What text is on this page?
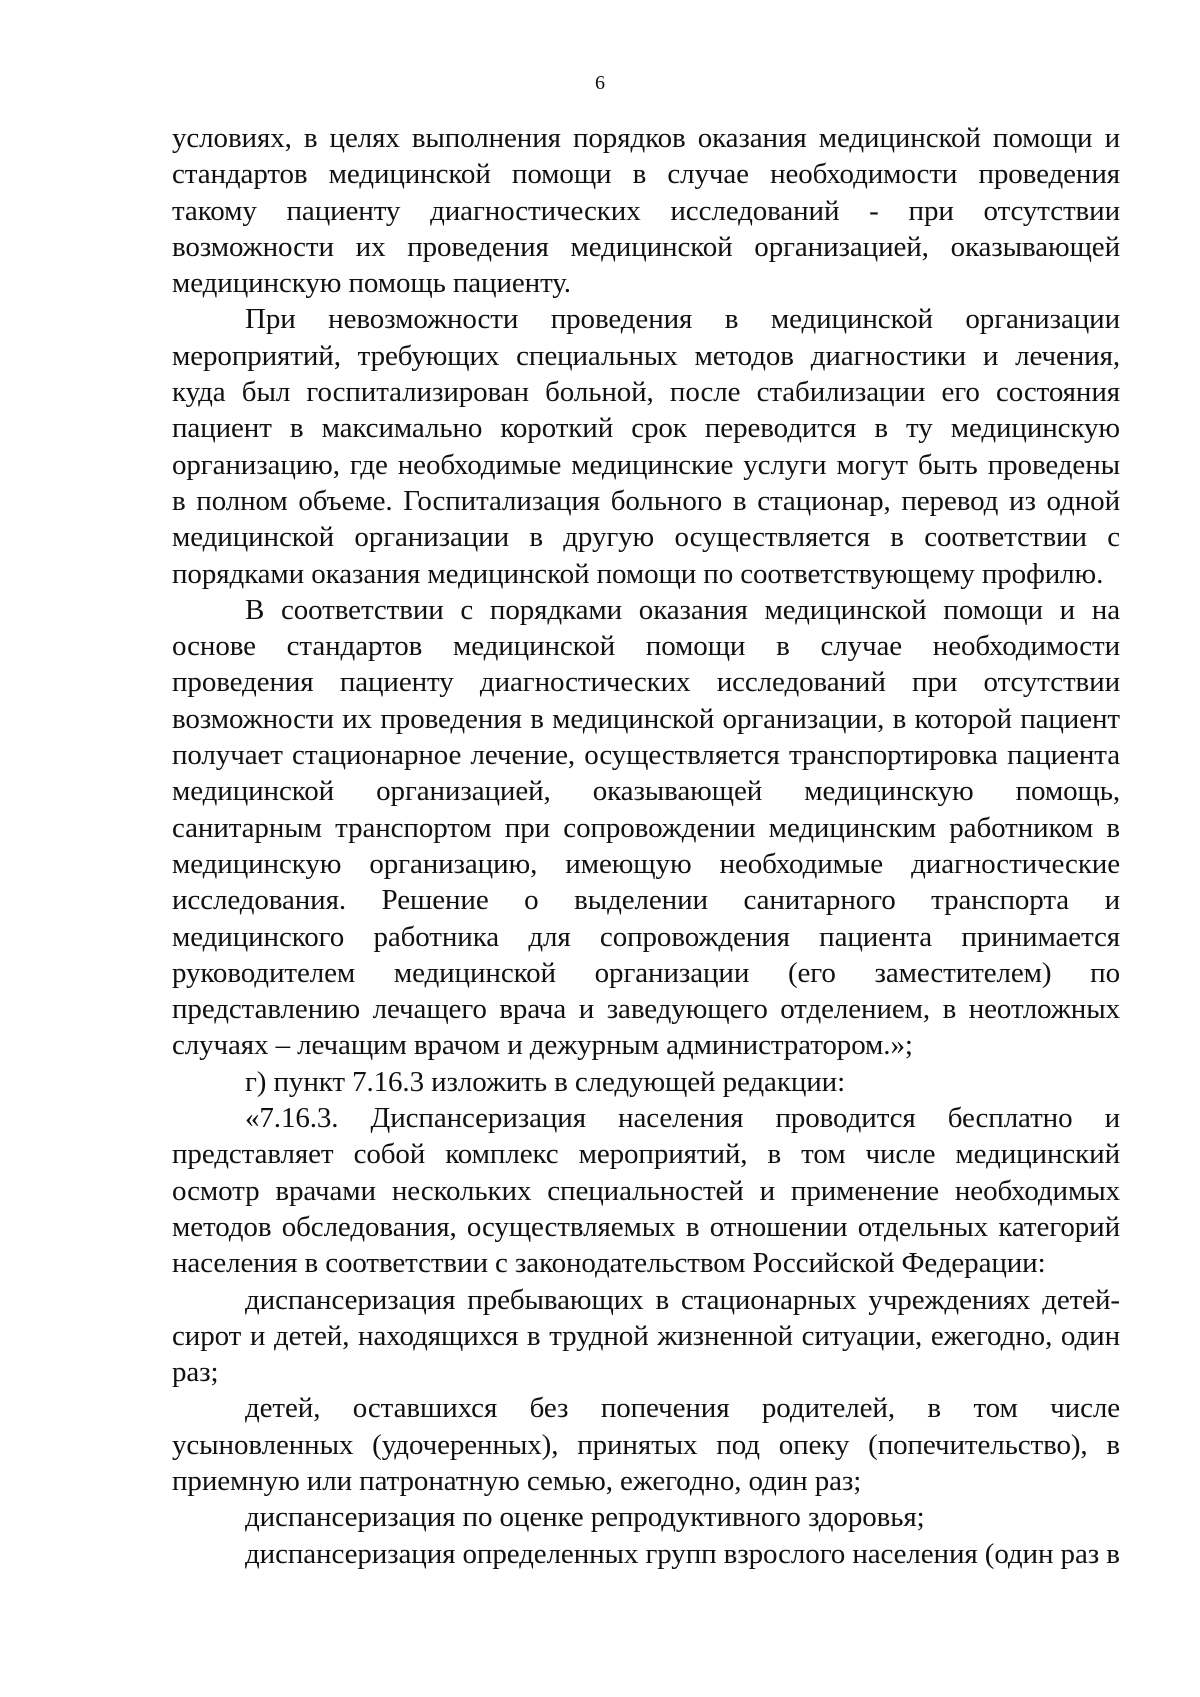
6

условиях, в целях выполнения порядков оказания медицинской помощи и стандартов медицинской помощи в случае необходимости проведения такому пациенту диагностических исследований - при отсутствии возможности их проведения медицинской организацией, оказывающей медицинскую помощь пациенту.

При невозможности проведения в медицинской организации мероприятий, требующих специальных методов диагностики и лечения, куда был госпитализирован больной, после стабилизации его состояния пациент в максимально короткий срок переводится в ту медицинскую организацию, где необходимые медицинские услуги могут быть проведены в полном объеме. Госпитализация больного в стационар, перевод из одной медицинской организации в другую осуществляется в соответствии с порядками оказания медицинской помощи по соответствующему профилю.

В соответствии с порядками оказания медицинской помощи и на основе стандартов медицинской помощи в случае необходимости проведения пациенту диагностических исследований при отсутствии возможности их проведения в медицинской организации, в которой пациент получает стационарное лечение, осуществляется транспортировка пациента медицинской организацией, оказывающей медицинскую помощь, санитарным транспортом при сопровождении медицинским работником в медицинскую организацию, имеющую необходимые диагностические исследования. Решение о выделении санитарного транспорта и медицинского работника для сопровождения пациента принимается руководителем медицинской организации (его заместителем) по представлению лечащего врача и заведующего отделением, в неотложных случаях – лечащим врачом и дежурным администратором.»;

г) пункт 7.16.3 изложить в следующей редакции:

«7.16.3. Диспансеризация населения проводится бесплатно и представляет собой комплекс мероприятий, в том числе медицинский осмотр врачами нескольких специальностей и применение необходимых методов обследования, осуществляемых в отношении отдельных категорий населения в соответствии с законодательством Российской Федерации:

диспансеризация пребывающих в стационарных учреждениях детей-сирот и детей, находящихся в трудной жизненной ситуации, ежегодно, один раз;

детей, оставшихся без попечения родителей, в том числе усыновленных (удочеренных), принятых под опеку (попечительство), в приемную или патронатную семью, ежегодно, один раз;

диспансеризация по оценке репродуктивного здоровья;

диспансеризация определенных групп взрослого населения (один раз в
